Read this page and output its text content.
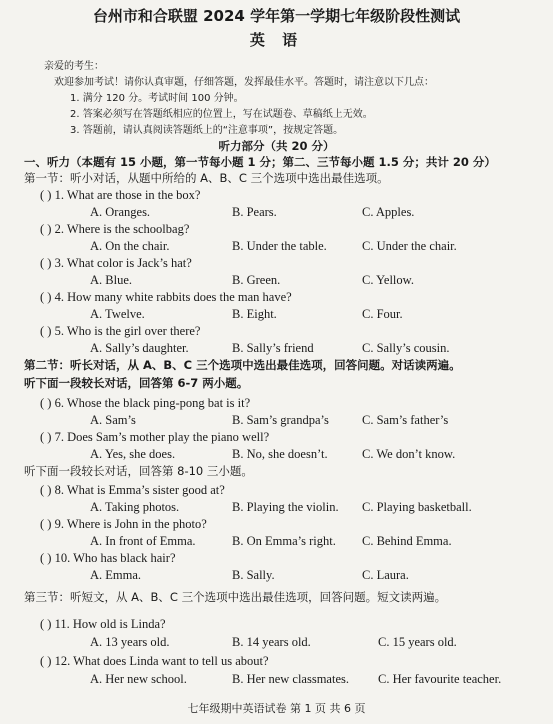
台州市和合联盟 2024 学年第一学期七年级阶段性测试
英 语
亲爱的考生：
欢迎参加考试！请你认真审题，仔细答题，发挥最佳水平。答题时，请注意以下几点：
1. 满分 120 分。考试时间 100 分钟。
2. 答案必须写在答题纸相应的位置上，写在试题卷、草稿纸上无效。
3. 答题前，请认真阅读答题纸上的“注意事项”，按规定答题。
听力部分（共 20 分）
一、听力（本题有 15 小题，第一节每小题 1 分；第二、三节每小题 1.5 分；共计 20 分）
第一节：听小对话，从题中所给的 A、B、C 三个选项中选出最佳选项。
( ) 1. What are those in the box?
A. Oranges.	B. Pears.	C. Apples.
( ) 2. Where is the schoolbag?
A. On the chair.	B. Under the table.	C. Under the chair.
( ) 3. What color is Jack’s hat?
A. Blue.	B. Green.	C. Yellow.
( ) 4. How many white rabbits does the man have?
A. Twelve.	B. Eight.	C. Four.
( ) 5. Who is the girl over there?
A. Sally’s daughter.	B. Sally’s friend	C. Sally’s cousin.
第二节：听长对话，从 A、B、C 三个选项中选出最佳选项，回答问题。对话读两遍。
听下面一段较长对话，回答第 6-7 两小题。
( ) 6. Whose the black ping-pong bat is it?
A. Sam’s	B. Sam’s grandpa’s	C. Sam’s father’s
( ) 7. Does Sam’s mother play the piano well?
A. Yes, she does.	B. No, she doesn’t.	C. We don’t know.
听下面一段较长对话，回答第 8-10 三小题。
( ) 8. What is Emma’s sister good at?
A. Taking photos.	B. Playing the violin. C. Playing basketball.
( ) 9. Where is John in the photo?
A. In front of Emma.	B. On Emma’s right. C. Behind Emma.
( ) 10. Who has black hair?
A. Emma.	B. Sally.	C. Laura.
第三节：听短文，从 A、B、C 三个选项中选出最佳选项，回答问题。短文读两遍。
( ) 11. How old is Linda?
A. 13 years old.	B. 14 years old.	C. 15 years old.
( ) 12. What does Linda want to tell us about?
A. Her new school.	B. Her new classmates. C. Her favourite teacher.
七年级期中英语试卷 第 1 页 共 6 页
